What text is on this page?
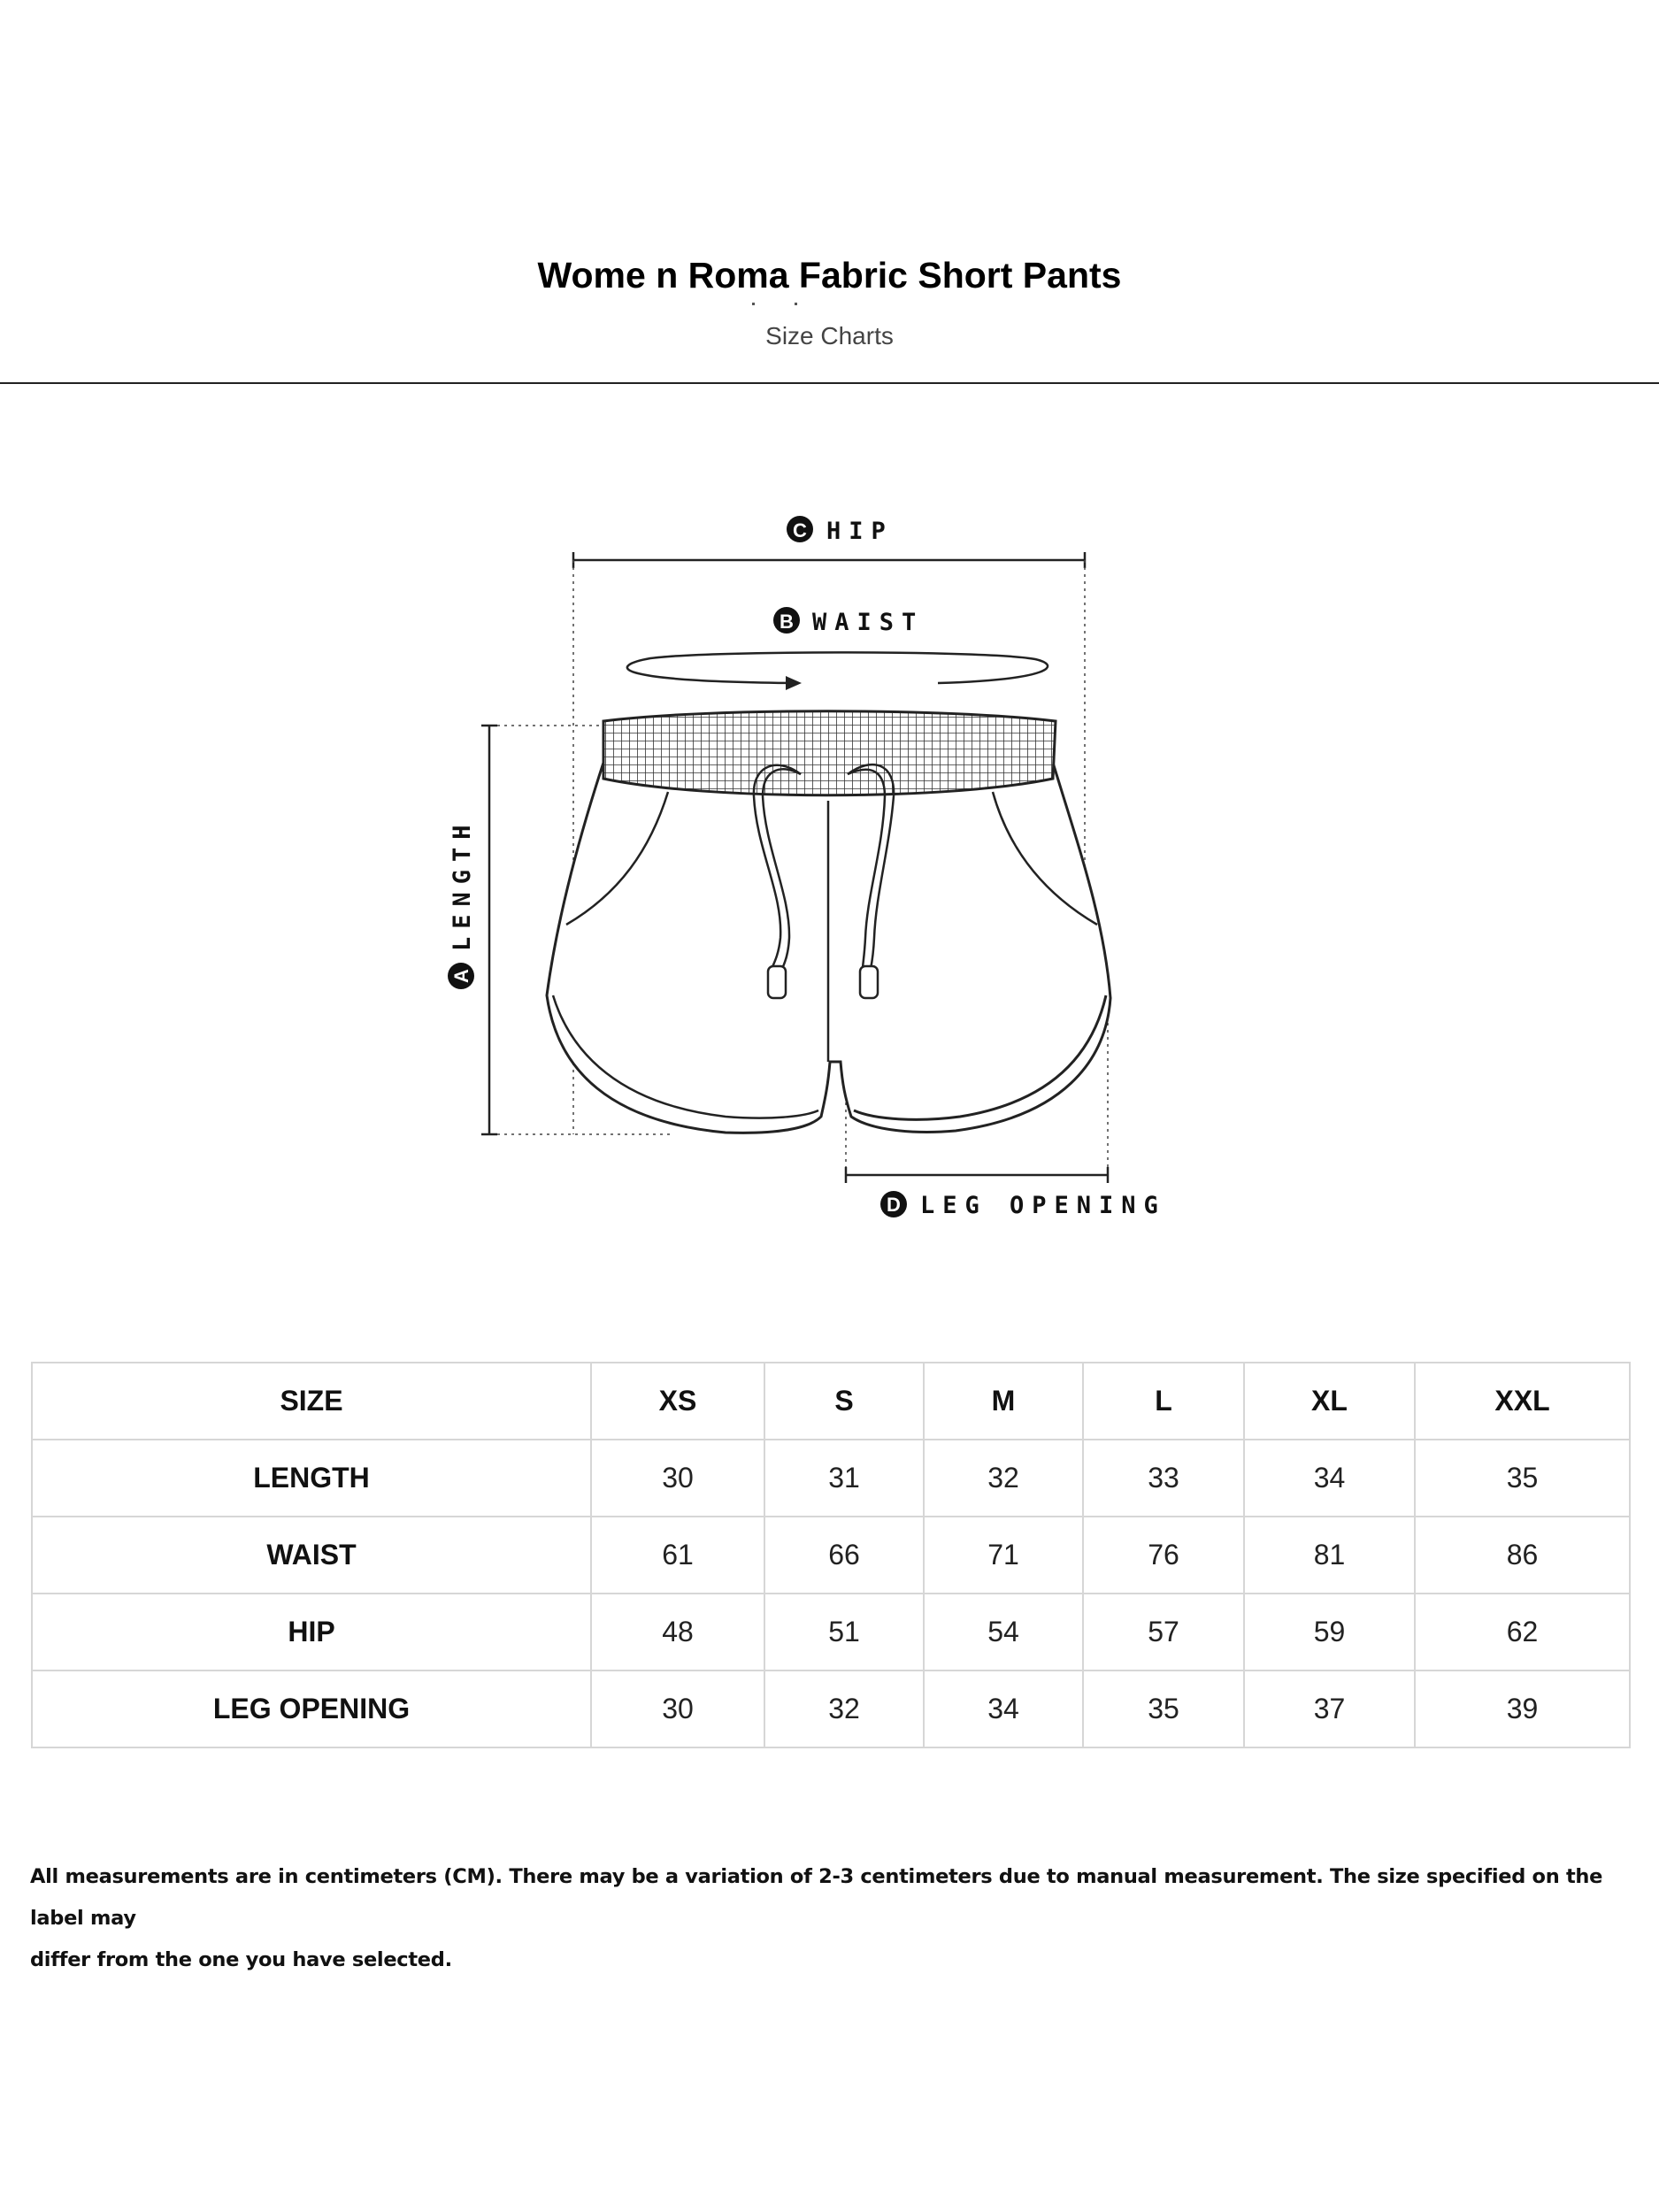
Wome n Roma Fabric Short Pants
Size Charts
C HIP
B WAIST
A
LENGTH
D LEG OPENING
SIZE	XS	S	M	L	XL	XXL
LENGTH	30	31	32	33	34	35
WAIST	61	66	71	76	81	86
HIP	48	51	54	57	59	62
LEG OPENING	30	32	34	35	37	39
All measurements are in centimeters (CM). There may be a variation of 2-3 centimeters due to manual measurement. The size specified on the label may
differ from the one you have selected.
